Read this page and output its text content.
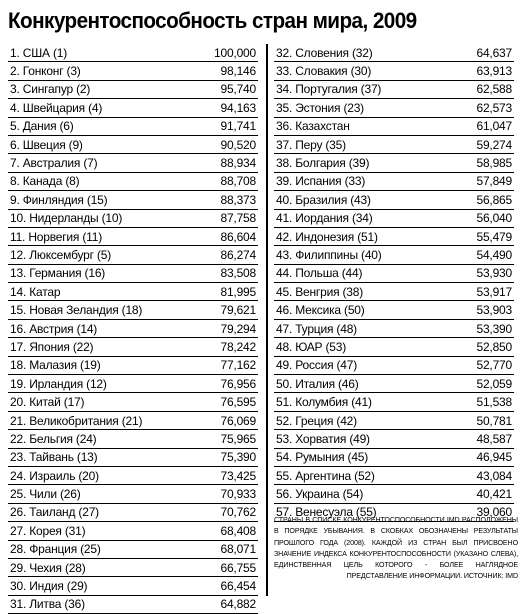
Конкурентоспособность стран мира, 2009
1. США (1)	100,000
2. Гонконг (3)	98,146
3. Сингапур (2)	95,740
4. Швейцария (4)	94,163
5. Дания (6)	91,741
6. Швеция (9)	90,520
7. Австралия (7)	88,934
8. Канада (8)	88,708
9. Финляндия (15)	88,373
10. Нидерланды (10)	87,758
11. Норвегия (11)	86,604
12. Люксембург (5)	86,274
13. Германия (16)	83,508
14. Катар	81,995
15. Новая Зеландия (18)	79,621
16. Австрия (14)	79,294
17. Япония (22)	78,242
18. Малазия (19)	77,162
19. Ирландия (12)	76,956
20. Китай (17)	76,595
21. Великобритания (21)	76,069
22. Бельгия (24)	75,965
23. Тайвань (13)	75,390
24. Израиль (20)	73,425
25. Чили (26)	70,933
26. Таиланд (27)	70,762
27. Корея (31)	68,408
28. Франция (25)	68,071
29. Чехия (28)	66,755
30. Индия (29)	66,454
31. Литва (36)	64,882
32. Словения (32)	64,637
33. Словакия (30)	63,913
34. Португалия (37)	62,588
35. Эстония (23)	62,573
36. Казахстан	61,047
37. Перу (35)	59,274
38. Болгария (39)	58,985
39. Испания (33)	57,849
40. Бразилия (43)	56,865
41. Иордания (34)	56,040
42. Индонезия (51)	55,479
43. Филиппины (40)	54,490
44. Польша (44)	53,930
45. Венгрия (38)	53,917
46. Мексика (50)	53,903
47. Турция (48)	53,390
48. ЮАР (53)	52,850
49. Россия (47)	52,770
50. Италия (46)	52,059
51. Колумбия (41)	51,538
52. Греция (42)	50,781
53. Хорватия (49)	48,587
54. Румыния (45)	46,945
55. Аргентина (52)	43,084
56. Украина (54)	40,421
57. Венесуэла (55)	39,060
СТРАНЫ В СПИСКЕ КОНКУРЕНТОСПОСОБНОСТИ IMD РАСПОЛОЖЕНЫ В ПОРЯДКЕ УБЫВАНИЯ. В СКОБКАХ ОБОЗНАЧЕНЫ РЕЗУЛЬТАТЫ ПРОШЛОГО ГОДА (2008). КАЖДОЙ ИЗ СТРАН БЫЛ ПРИСВОЕНО ЗНАЧЕНИЕ ИНДЕКСА КОНКУРЕНТОСПОСОБНОСТИ (УКАЗАНО СЛЕВА), ЕДИНСТВЕННАЯ ЦЕЛЬ КОТОРОГО - БОЛЕЕ НАГЛЯДНОЕ ПРЕДСТАВЛЕНИЕ ИНФОРМАЦИИ. ИСТОЧНИК: IMD
